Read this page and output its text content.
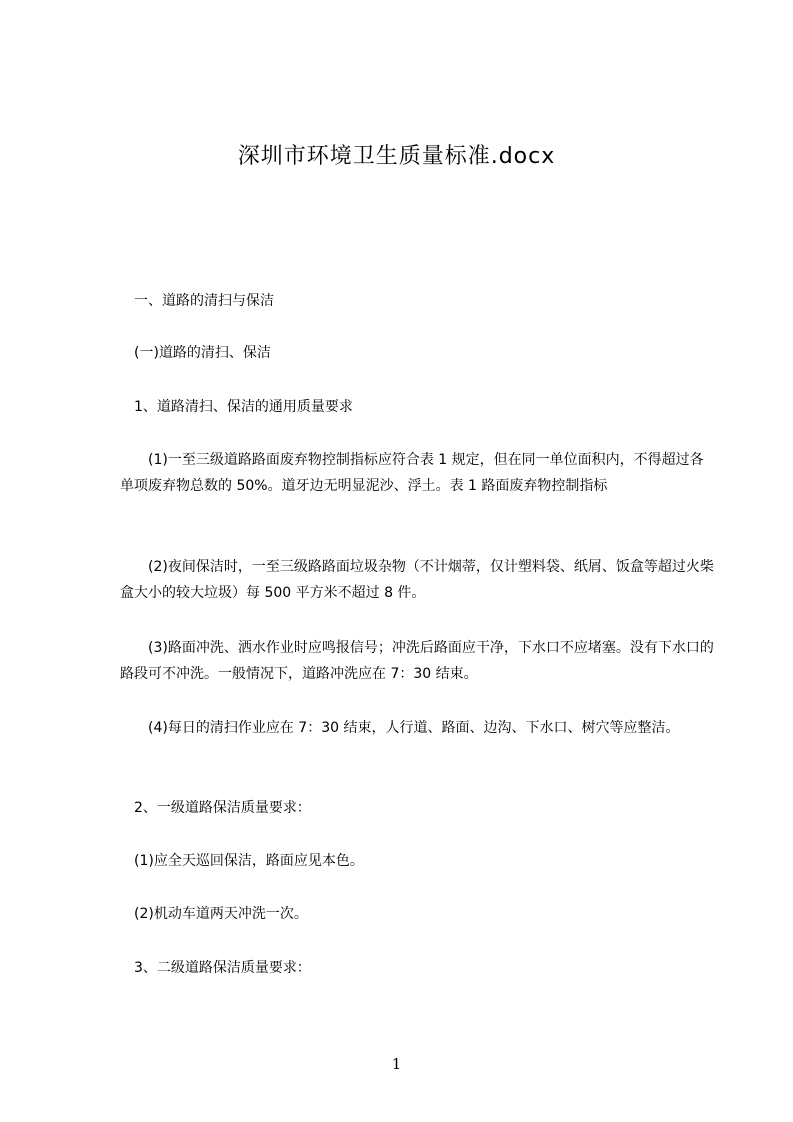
深圳市环境卫生质量标准.docx

一、道路的清扫与保洁

(一)道路的清扫、保洁

1、道路清扫、保洁的通用质量要求

(1)一至三级道路路面废弃物控制指标应符合表 1 规定，但在同一单位面积内，不得超过各单项废弃物总数的 50%。道牙边无明显泥沙、浮土。表 1 路面废弃物控制指标

(2)夜间保洁时，一至三级路路面垃圾杂物（不计烟蒂，仅计塑料袋、纸屑、饭盒等超过火柴盒大小的较大垃圾）每 500 平方米不超过 8 件。

(3)路面冲洗、洒水作业时应鸣报信号；冲洗后路面应干净，下水口不应堵塞。没有下水口的路段可不冲洗。一般情况下，道路冲洗应在 7：30 结束。

(4)每日的清扫作业应在 7：30 结束，人行道、路面、边沟、下水口、树穴等应整洁。

2、一级道路保洁质量要求：

(1)应全天巡回保洁，路面应见本色。

(2)机动车道两天冲洗一次。

3、二级道路保洁质量要求：

1
